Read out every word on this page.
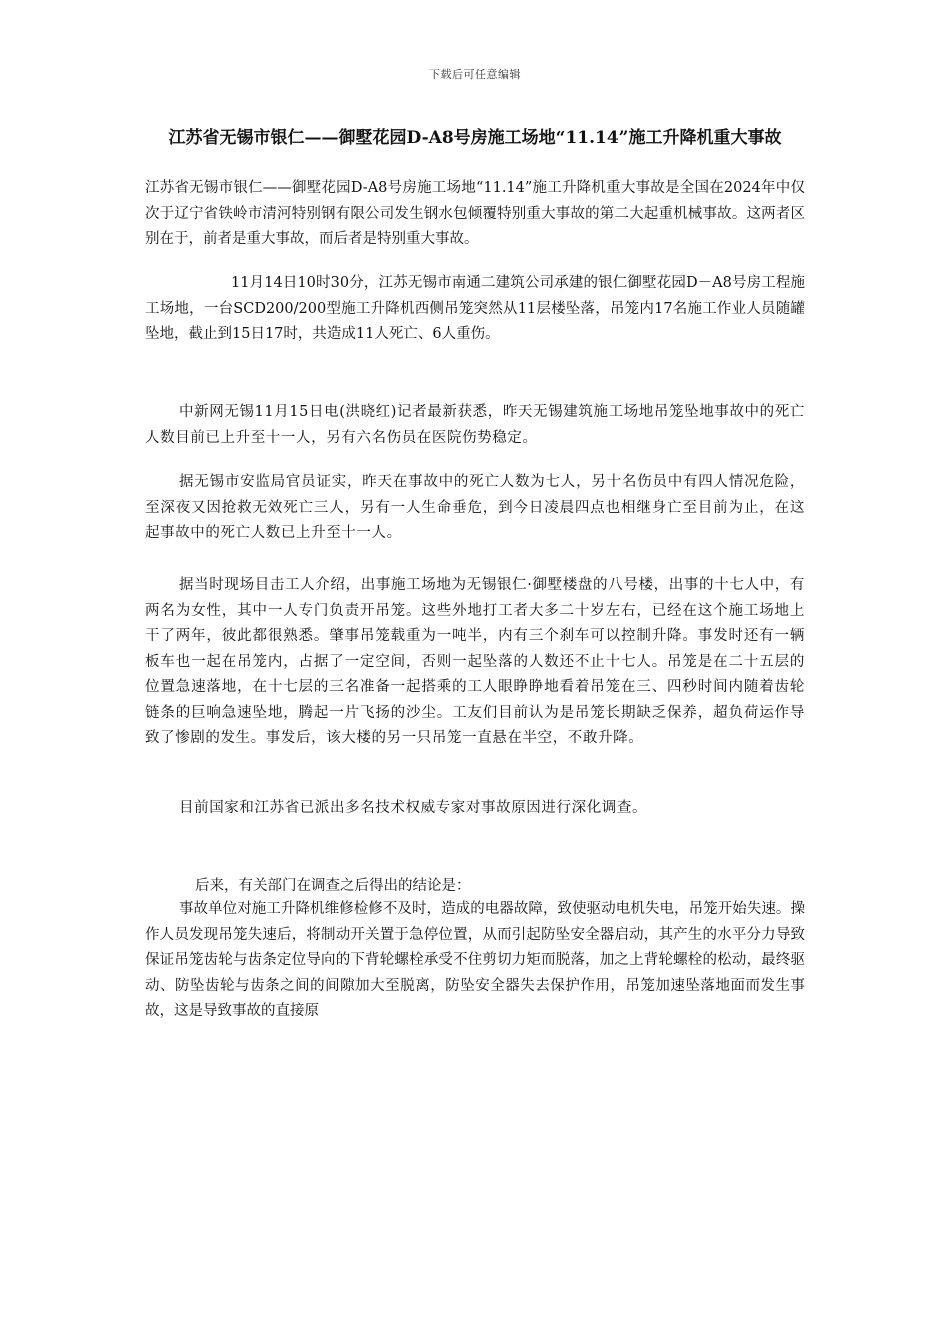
下载后可任意编辑
江苏省无锡市银仁——御墅花园D-A8号房施工场地“11.14”施工升降机重大事故

江苏省无锡市银仁——御墅花园D-A8号房施工场地“11.14”施工升降机重大事故是全国在2024年中仅次于辽宁省铁岭市清河特别钢有限公司发生钢水包倾覆特别重大事故的第二大起重机械事故。这两者区别在于，前者是重大事故，而后者是特别重大事故。

11月14日10时30分，江苏无锡市南通二建筑公司承建的银仁御墅花园D－A8号房工程施工场地，一台SCD200/200型施工升降机西侧吊笼突然从11层楼坠落，吊笼内17名施工作业人员随罐坠地，截止到15日17时，共造成11人死亡、6人重伤。

中新网无锡11月15日电(洪晓红)记者最新获悉，昨天无锡建筑施工场地吊笼坠地事故中的死亡人数目前已上升至十一人，另有六名伤员在医院伤势稳定。

据无锡市安监局官员证实，昨天在事故中的死亡人数为七人，另十名伤员中有四人情况危险，至深夜又因抢救无效死亡三人，另有一人生命垂危，到今日凌晨四点也相继身亡至目前为止，在这起事故中的死亡人数已上升至十一人。

据当时现场目击工人介绍，出事施工场地为无锡银仁·御墅楼盘的八号楼，出事的十七人中，有两名为女性，其中一人专门负责开吊笼。这些外地打工者大多二十岁左右，已经在这个施工场地上干了两年，彼此都很熟悉。肇事吊笼载重为一吨半，内有三个刹车可以控制升降。事发时还有一辆板车也一起在吊笼内，占据了一定空间，否则一起坠落的人数还不止十七人。吊笼是在二十五层的位置急速落地，在十七层的三名准备一起搭乘的工人眼睁睁地看着吊笼在三、四秒时间内随着齿轮链条的巨响急速坠地，腾起一片飞扬的沙尘。工友们目前认为是吊笼长期缺乏保养，超负荷运作导致了惨剧的发生。事发后，该大楼的另一只吊笼一直悬在半空，不敢升降。

目前国家和江苏省已派出多名技术权威专家对事故原因进行深化调查。

后来，有关部门在调查之后得出的结论是：

事故单位对施工升降机维修检修不及时，造成的电器故障，致使驱动电机失电，吊笼开始失速。操作人员发现吊笼失速后，将制动开关置于急停位置，从而引起防坠安全器启动，其产生的水平分力导致保证吊笼齿轮与齿条定位导向的下背轮螺栓承受不住剪切力矩而脱落，加之上背轮螺栓的松动，最终驱动、防坠齿轮与齿条之间的间隙加大至脱离，防坠安全器失去保护作用，吊笼加速坠落地面而发生事故，这是导致事故的直接原
